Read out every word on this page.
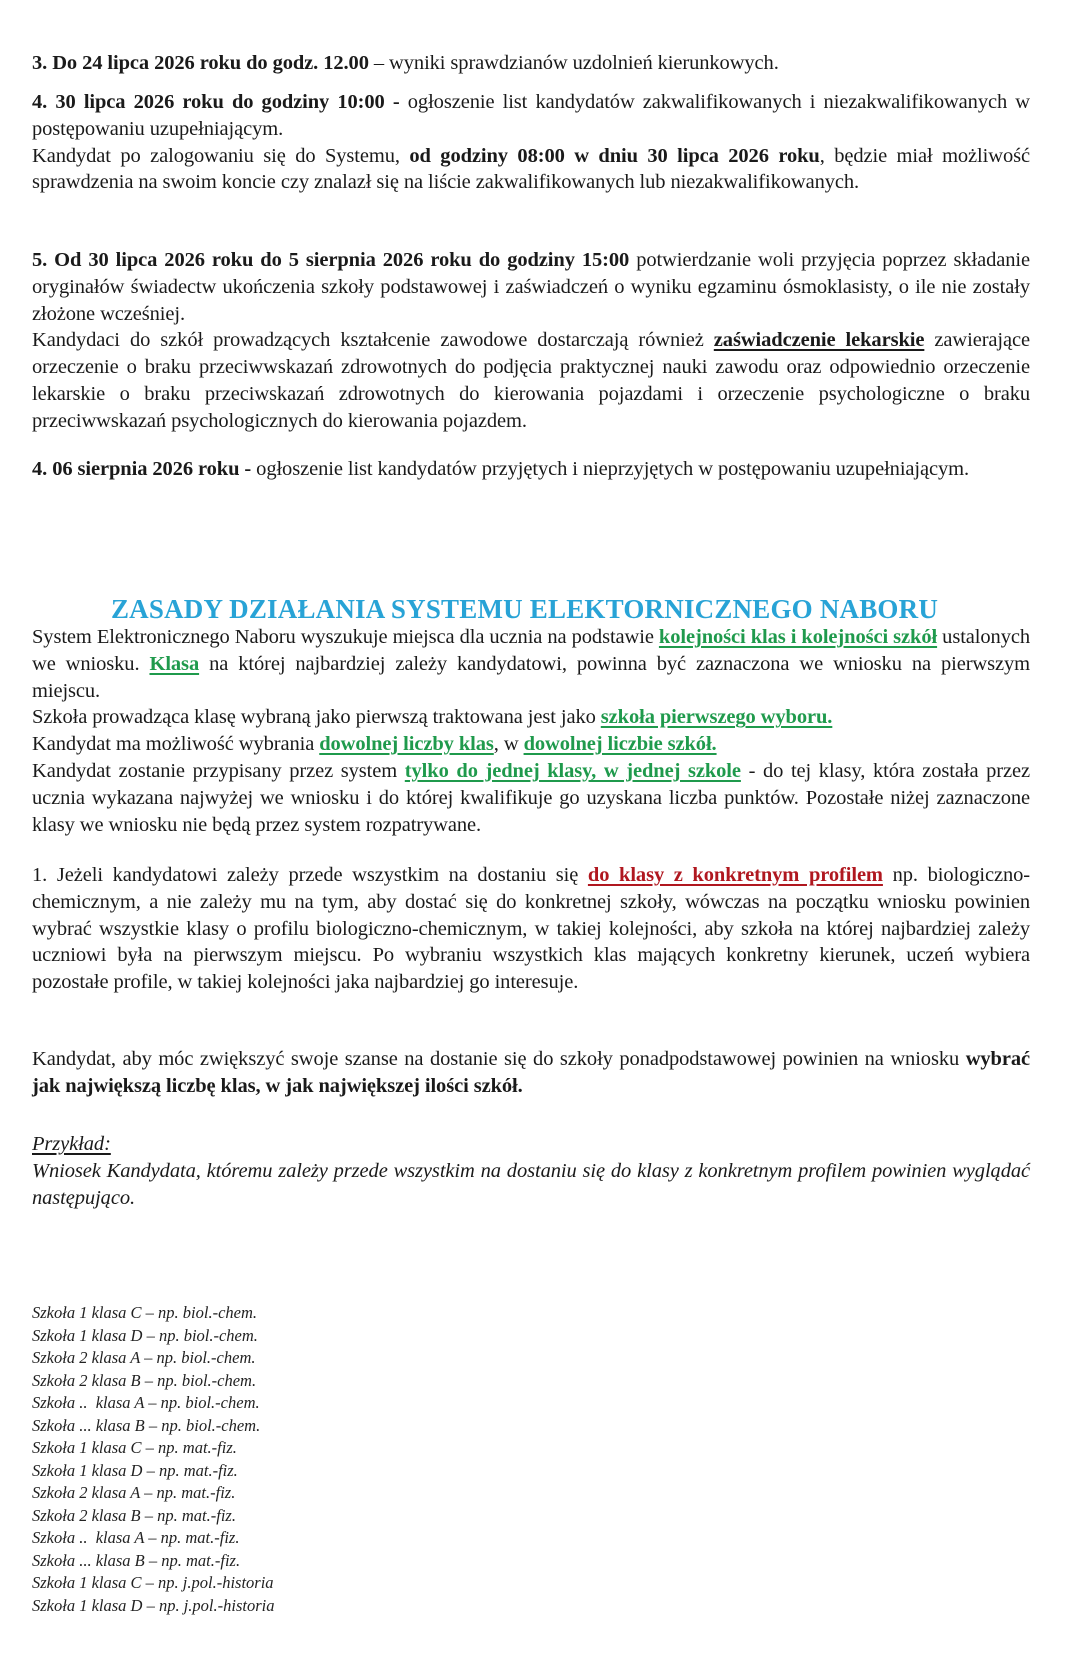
3. Do 24 lipca 2026 roku do godz. 12.00 – wyniki sprawdzianów uzdolnień kierunkowych.

4. 30 lipca 2026 roku do godziny 10:00 - ogłoszenie list kandydatów zakwalifikowanych i niezakwalifikowanych w postępowaniu uzupełniającym.

Kandydat po zalogowaniu się do Systemu, od godziny 08:00 w dniu 30 lipca 2026 roku, będzie miał możliwość sprawdzenia na swoim koncie czy znalazł się na liście zakwalifikowanych lub niezakwalifikowanych.

5. Od 30 lipca 2026 roku do 5 sierpnia 2026 roku do godziny 15:00 potwierdzanie woli przyjęcia poprzez składanie oryginałów świadectw ukończenia szkoły podstawowej i zaświadczeń o wyniku egzaminu ósmoklasisty, o ile nie zostały złożone wcześniej.

Kandydaci do szkół prowadzących kształcenie zawodowe dostarczają również zaświadczenie lekarskie zawierające orzeczenie o braku przeciwwskazań zdrowotnych do podjęcia praktycznej nauki zawodu oraz odpowiednio orzeczenie lekarskie o braku przeciwskazań zdrowotnych do kierowania pojazdami i orzeczenie psychologiczne o braku przeciwwskazań psychologicznych do kierowania pojazdem.

4. 06 sierpnia 2026 roku - ogłoszenie list kandydatów przyjętych i nieprzyjętych w postępowaniu uzupełniającym.

ZASADY DZIAŁANIA SYSTEMU ELEKTORNICZNEGO NABORU

System Elektronicznego Naboru wyszukuje miejsca dla ucznia na podstawie kolejności klas i kolejności szkół ustalonych we wniosku. Klasa na której najbardziej zależy kandydatowi, powinna być zaznaczona we wniosku na pierwszym miejscu.

Szkoła prowadząca klasę wybraną jako pierwszą traktowana jest jako szkoła pierwszego wyboru.

Kandydat ma możliwość wybrania dowolnej liczby klas, w dowolnej liczbie szkół.

Kandydat zostanie przypisany przez system tylko do jednej klasy, w jednej szkole - do tej klasy, która została przez ucznia wykazana najwyżej we wniosku i do której kwalifikuje go uzyskana liczba punktów. Pozostałe niżej zaznaczone klasy we wniosku nie będą przez system rozpatrywane.

1. Jeżeli kandydatowi zależy przede wszystkim na dostaniu się do klasy z konkretnym profilem np. biologiczno-chemicznym, a nie zależy mu na tym, aby dostać się do konkretnej szkoły, wówczas na początku wniosku powinien wybrać wszystkie klasy o profilu biologiczno-chemicznym, w takiej kolejności, aby szkoła na której najbardziej zależy uczniowi była na pierwszym miejscu. Po wybraniu wszystkich klas mających konkretny kierunek, uczeń wybiera pozostałe profile, w takiej kolejności jaka najbardziej go interesuje.

Kandydat, aby móc zwiększyć swoje szanse na dostanie się do szkoły ponadpodstawowej powinien na wniosku wybrać jak największą liczbę klas, w jak największej ilości szkół.

Przykład:

Wniosek Kandydata, któremu zależy przede wszystkim na dostaniu się do klasy z konkretnym profilem powinien wyglądać następująco.

Szkoła 1 klasa C – np. biol.-chem.
Szkoła 1 klasa D – np. biol.-chem.
Szkoła 2 klasa A – np. biol.-chem.
Szkoła 2 klasa B – np. biol.-chem.
Szkoła ..  klasa A – np. biol.-chem.
Szkoła ... klasa B – np. biol.-chem.
Szkoła 1 klasa C – np. mat.-fiz.
Szkoła 1 klasa D – np. mat.-fiz.
Szkoła 2 klasa A – np. mat.-fiz.
Szkoła 2 klasa B – np. mat.-fiz.
Szkoła ..  klasa A – np. mat.-fiz.
Szkoła ... klasa B – np. mat.-fiz.
Szkoła 1 klasa C – np. j.pol.-historia
Szkoła 1 klasa D – np. j.pol.-historia
